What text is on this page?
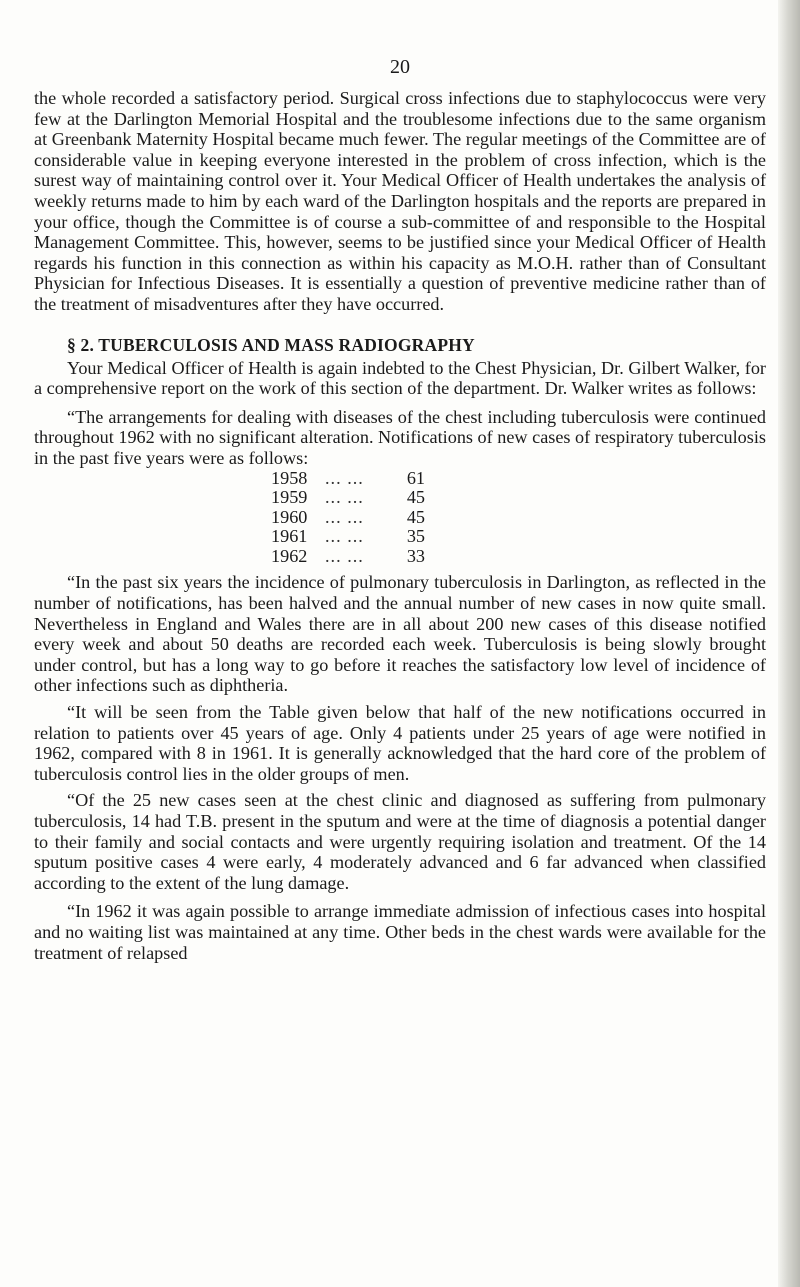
20

the whole recorded a satisfactory period. Surgical cross infections due to staphylococcus were very few at the Darlington Memorial Hospital and the troublesome infections due to the same organism at Greenbank Maternity Hospital became much fewer. The regular meetings of the Committee are of considerable value in keeping everyone interested in the problem of cross infection, which is the surest way of maintaining control over it. Your Medical Officer of Health undertakes the analysis of weekly returns made to him by each ward of the Darlington hospitals and the reports are prepared in your office, though the Committee is of course a sub-committee of and responsible to the Hospital Management Committee. This, however, seems to be justified since your Medical Officer of Health regards his function in this connection as within his capacity as M.O.H. rather than of Consultant Physician for Infectious Diseases. It is essentially a question of preventive medicine rather than of the treatment of misadventures after they have occurred.

§ 2. TUBERCULOSIS AND MASS RADIOGRAPHY

Your Medical Officer of Health is again indebted to the Chest Physician, Dr. Gilbert Walker, for a comprehensive report on the work of this section of the department. Dr. Walker writes as follows:

“The arrangements for dealing with diseases of the chest including tuberculosis were continued throughout 1962 with no significant alteration. Notifications of new cases of respiratory tuberculosis in the past five years were as follows:

1958	... ...	61
1959	... ...	45
1960	... ...	45
1961	... ...	35
1962	... ...	33

“In the past six years the incidence of pulmonary tuberculosis in Darlington, as reflected in the number of notifications, has been halved and the annual number of new cases in now quite small. Nevertheless in England and Wales there are in all about 200 new cases of this disease notified every week and about 50 deaths are recorded each week. Tuberculosis is being slowly brought under control, but has a long way to go before it reaches the satisfactory low level of incidence of other infections such as diphtheria.

“It will be seen from the Table given below that half of the new notifications occurred in relation to patients over 45 years of age. Only 4 patients under 25 years of age were notified in 1962, compared with 8 in 1961. It is generally acknowledged that the hard core of the problem of tuberculosis control lies in the older groups of men.

“Of the 25 new cases seen at the chest clinic and diagnosed as suffering from pulmonary tuberculosis, 14 had T.B. present in the sputum and were at the time of diagnosis a potential danger to their family and social contacts and were urgently requiring isolation and treatment. Of the 14 sputum positive cases 4 were early, 4 moderately advanced and 6 far advanced when classified according to the extent of the lung damage.

“In 1962 it was again possible to arrange immediate admission of infectious cases into hospital and no waiting list was maintained at any time. Other beds in the chest wards were available for the treatment of relapsed
